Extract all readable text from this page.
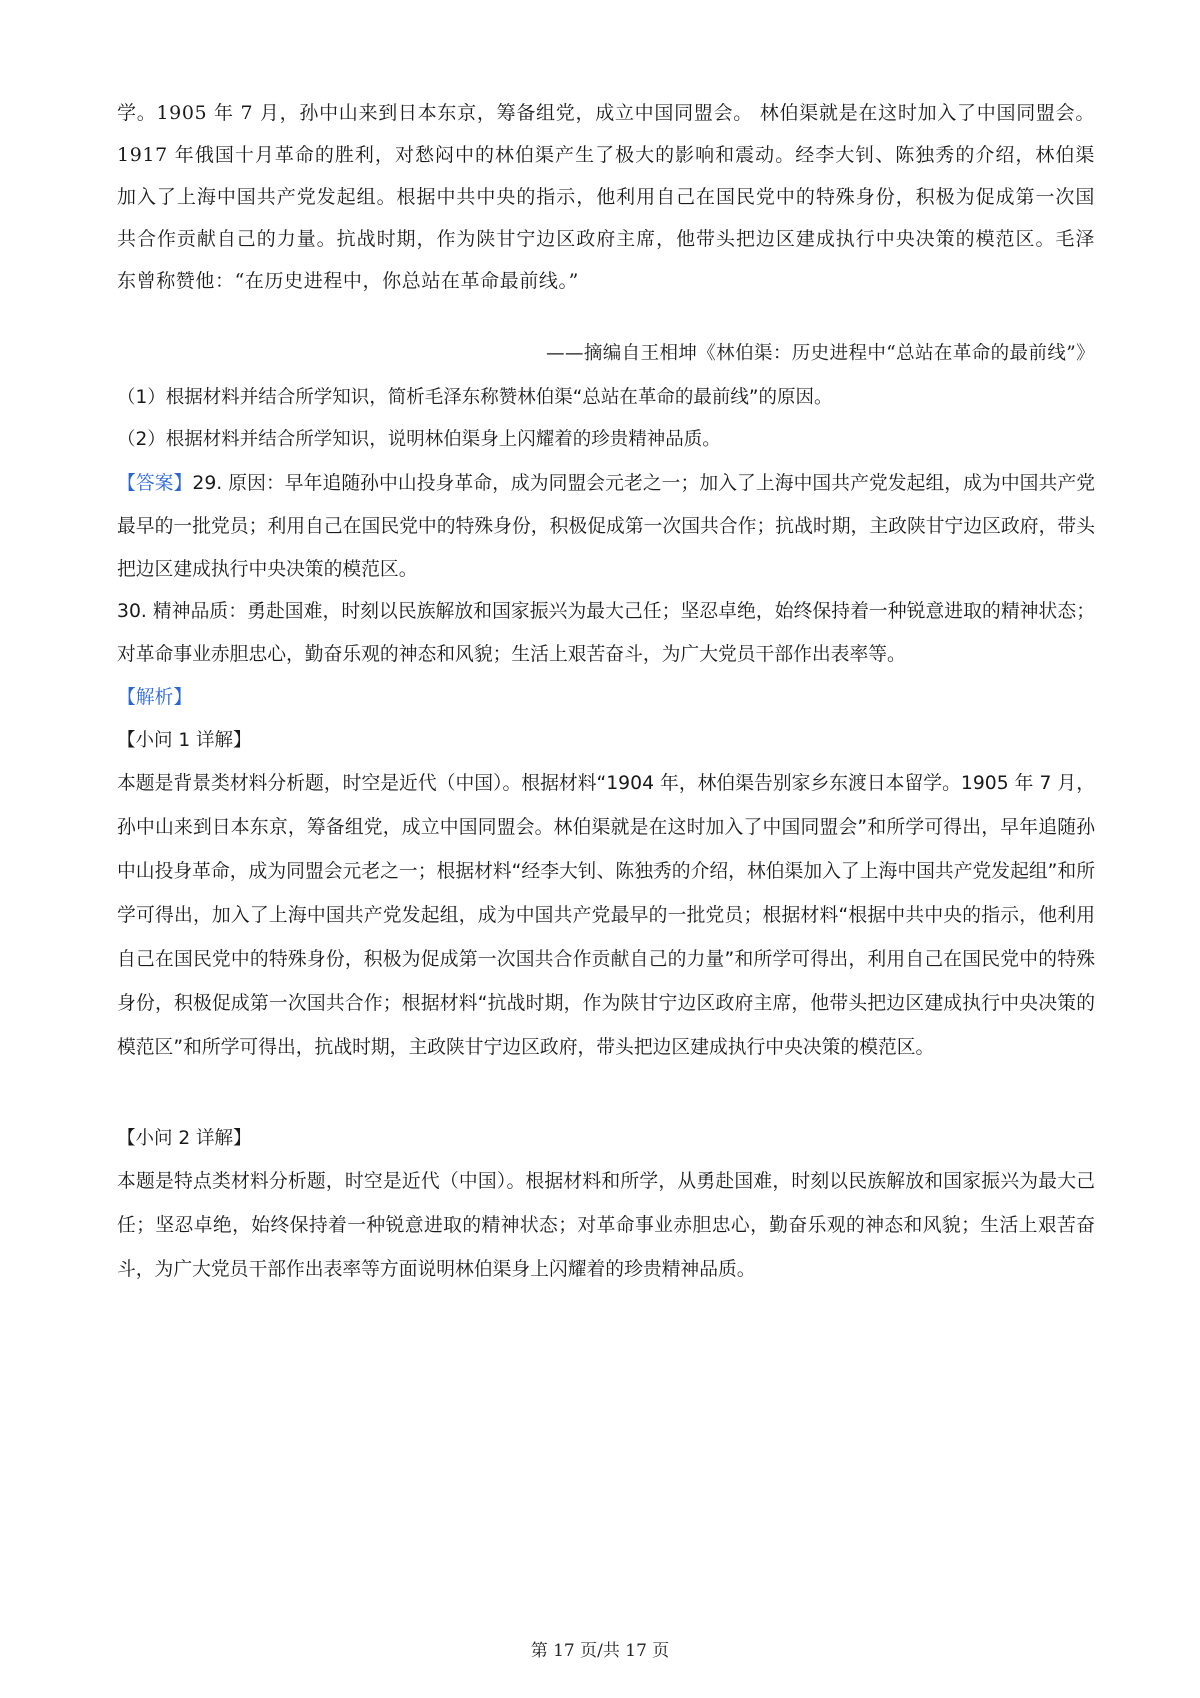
学。1905 年 7 月，孙中山来到日本东京，筹备组党，成立中国同盟会。 林伯渠就是在这时加入了中国同盟会。1917 年俄国十月革命的胜利，对愁闷中的林伯渠产生了极大的影响和震动。经李大钊、陈独秀的介绍，林伯渠加入了上海中国共产党发起组。根据中共中央的指示，他利用自己在国民党中的特殊身份，积极为促成第一次国共合作贡献自己的力量。抗战时期，作为陕甘宁边区政府主席，他带头把边区建成执行中央决策的模范区。毛泽东曾称赞他：“在历史进程中，你总站在革命最前线。”

——摘编自王相坤《林伯渠：历史进程中“总站在革命的最前线”》

（1）根据材料并结合所学知识，简析毛泽东称赞林伯渠“总站在革命的最前线”的原因。

（2）根据材料并结合所学知识，说明林伯渠身上闪耀着的珍贵精神品质。

【答案】29. 原因：早年追随孙中山投身革命，成为同盟会元老之一；加入了上海中国共产党发起组，成为中国共产党最早的一批党员；利用自己在国民党中的特殊身份，积极促成第一次国共合作；抗战时期，主政陕甘宁边区政府，带头把边区建成执行中央决策的模范区。

30. 精神品质：勇赴国难，时刻以民族解放和国家振兴为最大己任；坚忍卓绝，始终保持着一种锐意进取的精神状态；对革命事业赤胆忠心，勤奋乐观的神态和风貌；生活上艰苦奋斗，为广大党员干部作出表率等。

【解析】

【小问 1 详解】

本题是背景类材料分析题，时空是近代（中国）。根据材料“1904 年，林伯渠告别家乡东渡日本留学。1905 年 7 月，孙中山来到日本东京，筹备组党，成立中国同盟会。林伯渠就是在这时加入了中国同盟会”和所学可得出，早年追随孙中山投身革命，成为同盟会元老之一；根据材料“经李大钊、陈独秀的介绍，林伯渠加入了上海中国共产党发起组”和所学可得出，加入了上海中国共产党发起组，成为中国共产党最早的一批党员；根据材料“根据中共中央的指示，他利用自己在国民党中的特殊身份，积极为促成第一次国共合作贡献自己的力量”和所学可得出，利用自己在国民党中的特殊身份，积极促成第一次国共合作；根据材料“抗战时期，作为陕甘宁边区政府主席，他带头把边区建成执行中央决策的模范区”和所学可得出，抗战时期，主政陕甘宁边区政府，带头把边区建成执行中央决策的模范区。

【小问 2 详解】

本题是特点类材料分析题，时空是近代（中国）。根据材料和所学，从勇赴国难，时刻以民族解放和国家振兴为最大己任；坚忍卓绝，始终保持着一种锐意进取的精神状态；对革命事业赤胆忠心，勤奋乐观的神态和风貌；生活上艰苦奋斗，为广大党员干部作出表率等方面说明林伯渠身上闪耀着的珍贵精神品质。

第 17 页/共 17 页
